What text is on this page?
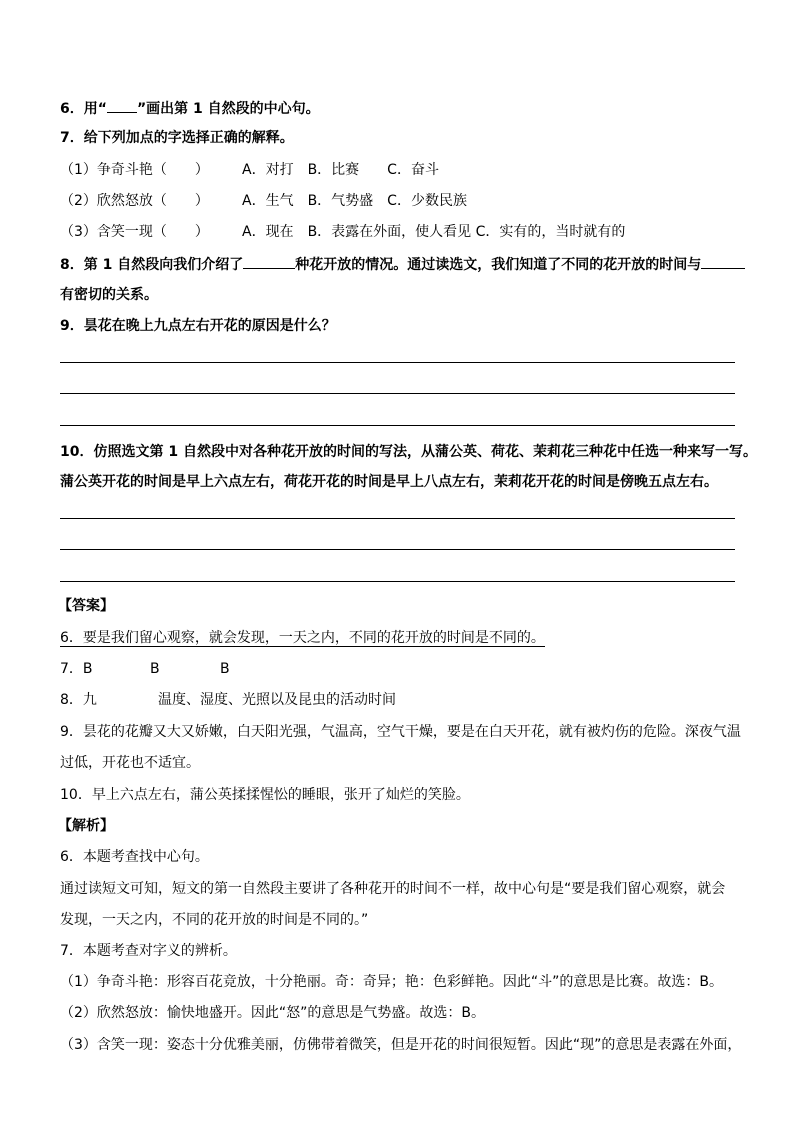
6．用“ ”画出第 1 自然段的中心句。
7．给下列加点的字选择正确的解释。
（1）争奇斗艳（　　） A．对打　B．比赛　　C．奋斗
（2）欣然怒放（　　） A．生气　B．气势盛　C．少数民族
（3）含笑一现（　　） A．现在　B．表露在外面，使人看见 C．实有的，当时就有的
8．第 1 自然段向我们介绍了	种花开放的情况。通过读选文，我们知道了不同的花开放的时间与
有密切的关系。
9．昙花在晚上九点左右开花的原因是什么？
10．仿照选文第 1 自然段中对各种花开放的时间的写法，从蒲公英、荷花、茉莉花三种花中任选一种来写一写。
蒲公英开花的时间是早上六点左右，荷花开花的时间是早上八点左右，茉莉花开花的时间是傍晚五点左右。
【答案】
6．要是我们留心观察，就会发现，一天之内，不同的花开放的时间是不同的。
7．B	B	B
8．九	温度、湿度、光照以及昆虫的活动时间
9．昙花的花瓣又大又娇嫩，白天阳光强，气温高，空气干燥，要是在白天开花，就有被灼伤的危险。深夜气温
过低，开花也不适宜。
10．早上六点左右，蒲公英揉揉惺忪的睡眼，张开了灿烂的笑脸。
【解析】
6．本题考查找中心句。
通过读短文可知，短文的第一自然段主要讲了各种花开的时间不一样，故中心句是“要是我们留心观察，就会
发现，一天之内，不同的花开放的时间是不同的。”
7．本题考查对字义的辨析。
（1）争奇斗艳：形容百花竞放，十分艳丽。奇：奇异；艳：色彩鲜艳。因此“斗”的意思是比赛。故选：B。
（2）欣然怒放：愉快地盛开。因此“怒”的意思是气势盛。故选：B。
（3）含笑一现：姿态十分优雅美丽，仿佛带着微笑，但是开花的时间很短暂。因此“现”的意思是表露在外面，
